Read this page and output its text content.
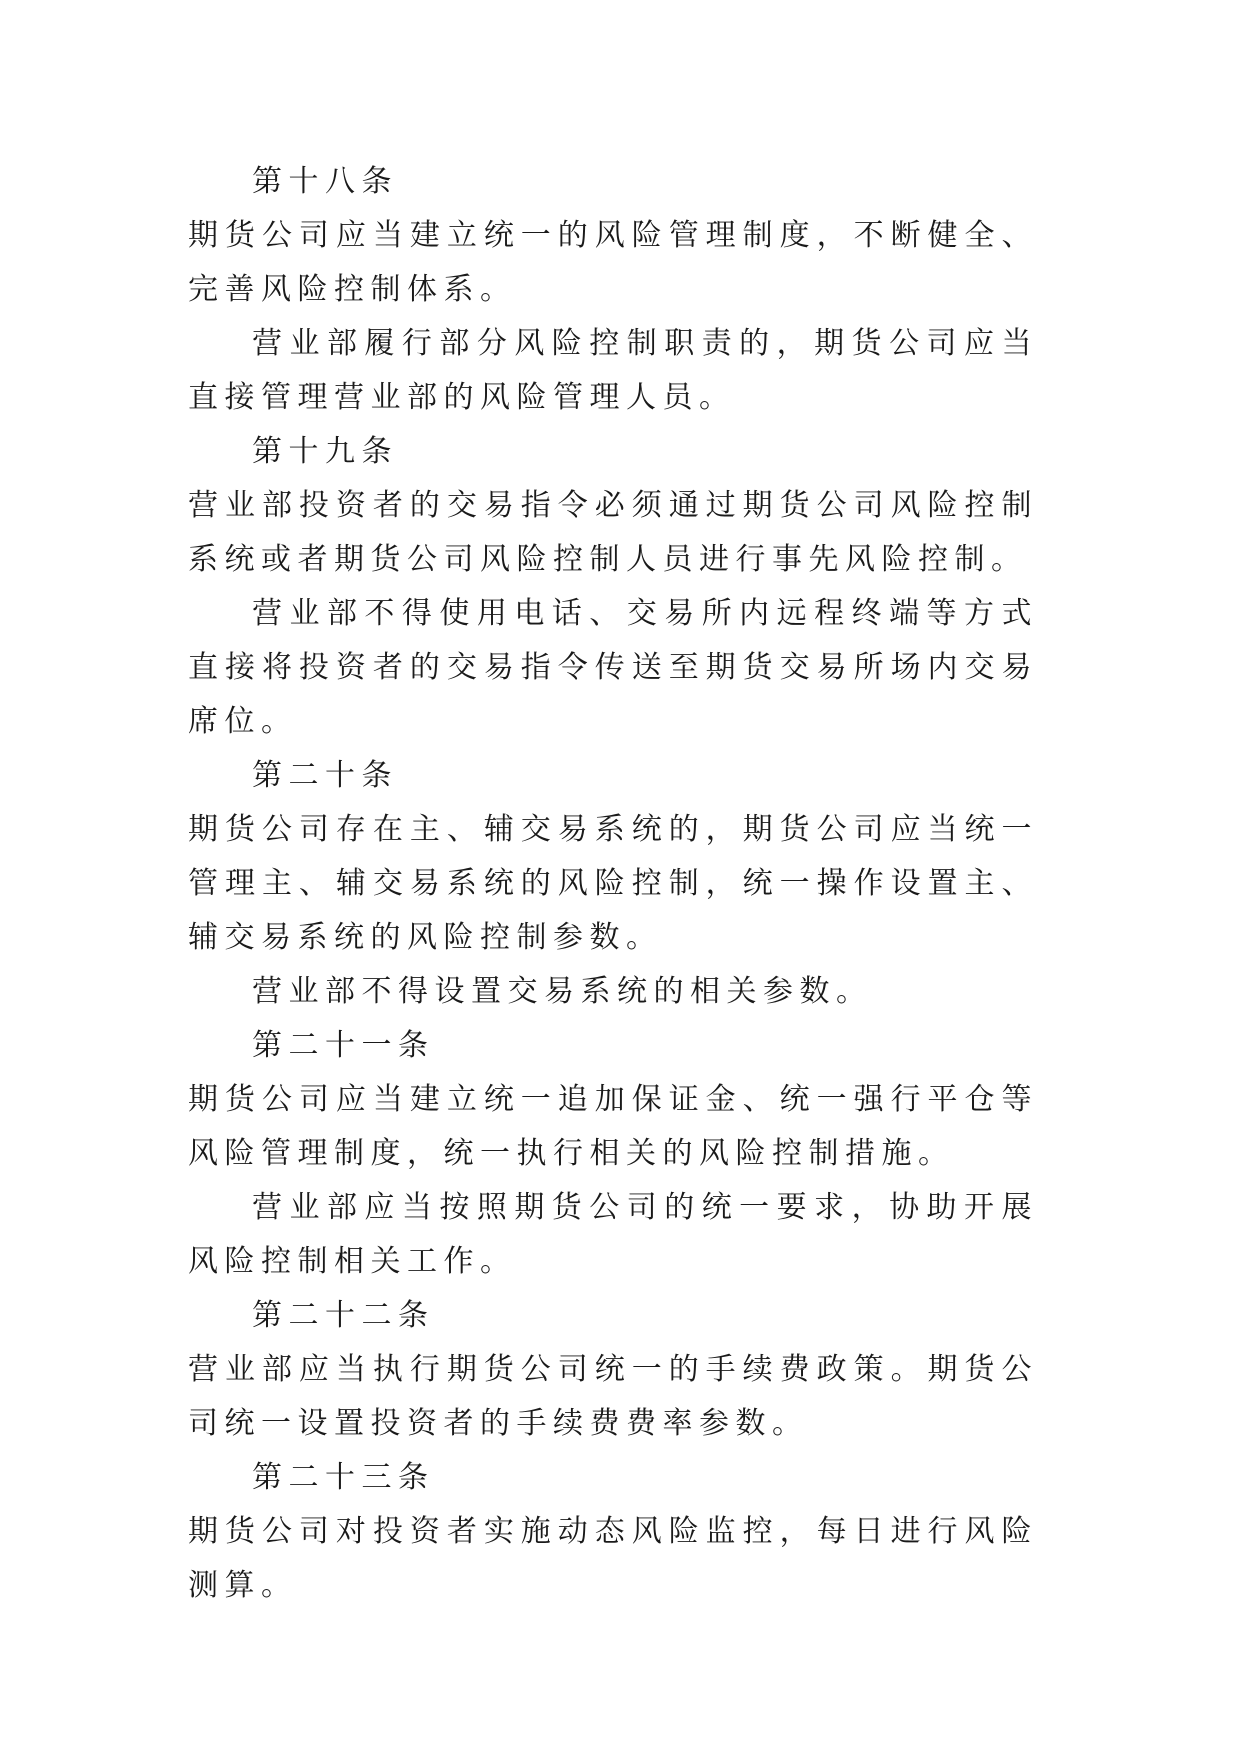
第十八条

期货公司应当建立统一的风险管理制度，不断健全、完善风险控制体系。

营业部履行部分风险控制职责的，期货公司应当直接管理营业部的风险管理人员。

第十九条

营业部投资者的交易指令必须通过期货公司风险控制系统或者期货公司风险控制人员进行事先风险控制。

营业部不得使用电话、交易所内远程终端等方式直接将投资者的交易指令传送至期货交易所场内交易席位。

第二十条

期货公司存在主、辅交易系统的，期货公司应当统一管理主、辅交易系统的风险控制，统一操作设置主、辅交易系统的风险控制参数。

营业部不得设置交易系统的相关参数。

第二十一条

期货公司应当建立统一追加保证金、统一强行平仓等风险管理制度，统一执行相关的风险控制措施。

营业部应当按照期货公司的统一要求，协助开展风险控制相关工作。

第二十二条

营业部应当执行期货公司统一的手续费政策。期货公司统一设置投资者的手续费费率参数。

第二十三条

期货公司对投资者实施动态风险监控，每日进行风险测算。
